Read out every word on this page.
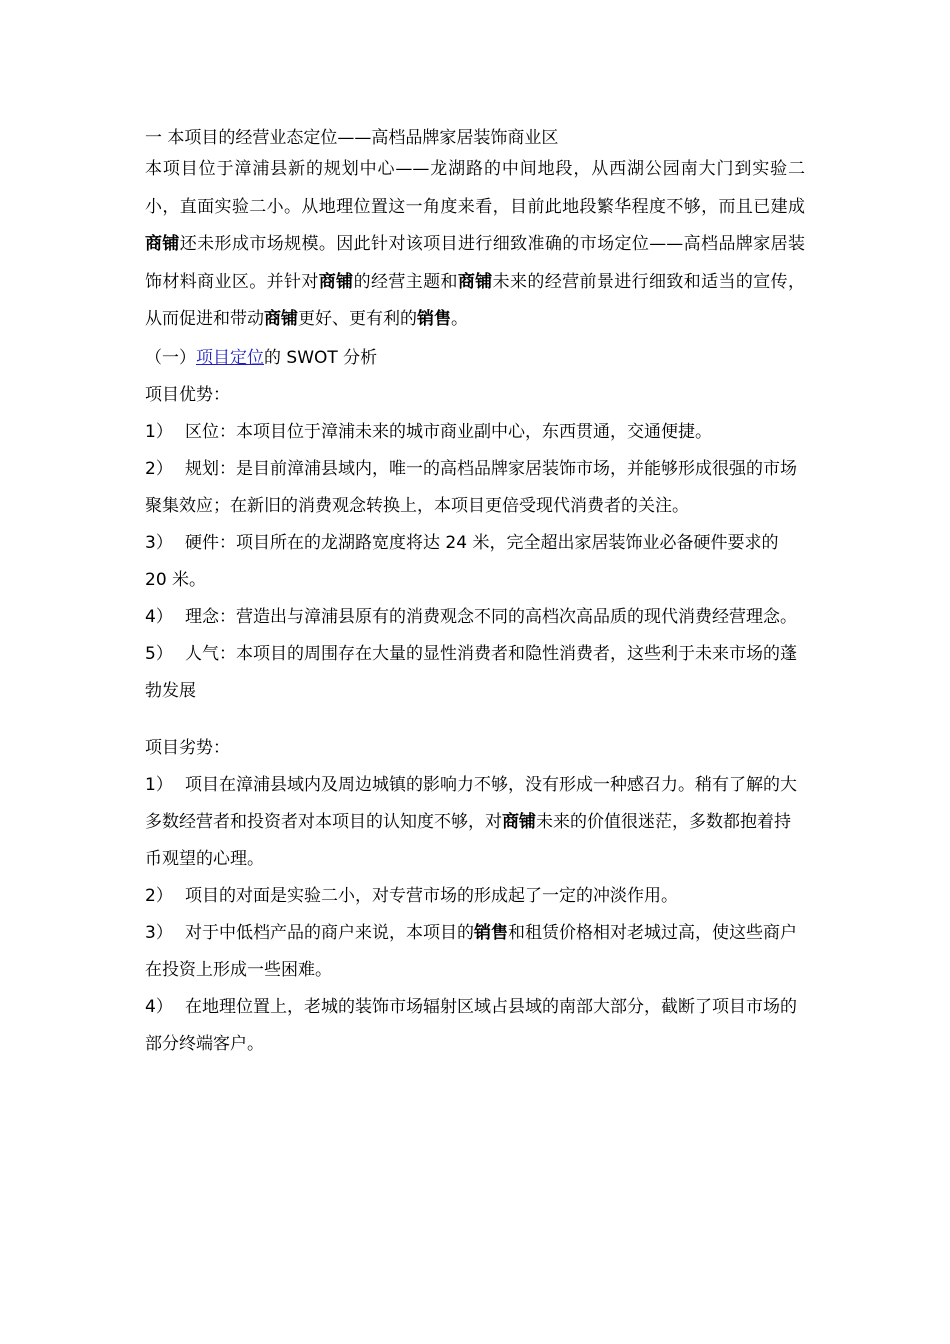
一 本项目的经营业态定位——高档品牌家居装饰商业区

本项目位于漳浦县新的规划中心——龙湖路的中间地段，从西湖公园南大门到实验二小，直面实验二小。从地理位置这一角度来看，目前此地段繁华程度不够，而且已建成商铺还未形成市场规模。因此针对该项目进行细致准确的市场定位——高档品牌家居装饰材料商业区。并针对商铺的经营主题和商铺未来的经营前景进行细致和适当的宣传，从而促进和带动商铺更好、更有利的销售。

（一）项目定位的 SWOT 分析
项目优势：
1） 区位：本项目位于漳浦未来的城市商业副中心，东西贯通，交通便捷。
2） 规划：是目前漳浦县域内，唯一的高档品牌家居装饰市场，并能够形成很强的市场聚集效应；在新旧的消费观念转换上，本项目更倍受现代消费者的关注。
3） 硬件：项目所在的龙湖路宽度将达 24 米，完全超出家居装饰业必备硬件要求的 20 米。
4） 理念：营造出与漳浦县原有的消费观念不同的高档次高品质的现代消费经营理念。
5） 人气：本项目的周围存在大量的显性消费者和隐性消费者，这些利于未来市场的蓬勃发展
项目劣势：
1） 项目在漳浦县域内及周边城镇的影响力不够，没有形成一种感召力。稍有了解的大多数经营者和投资者对本项目的认知度不够，对商铺未来的价值很迷茫，多数都抱着持币观望的心理。
2） 项目的对面是实验二小，对专营市场的形成起了一定的冲淡作用。
3） 对于中低档产品的商户来说，本项目的销售和租赁价格相对老城过高，使这些商户在投资上形成一些困难。
4） 在地理位置上，老城的装饰市场辐射区域占县域的南部大部分，截断了项目市场的部分终端客户。
